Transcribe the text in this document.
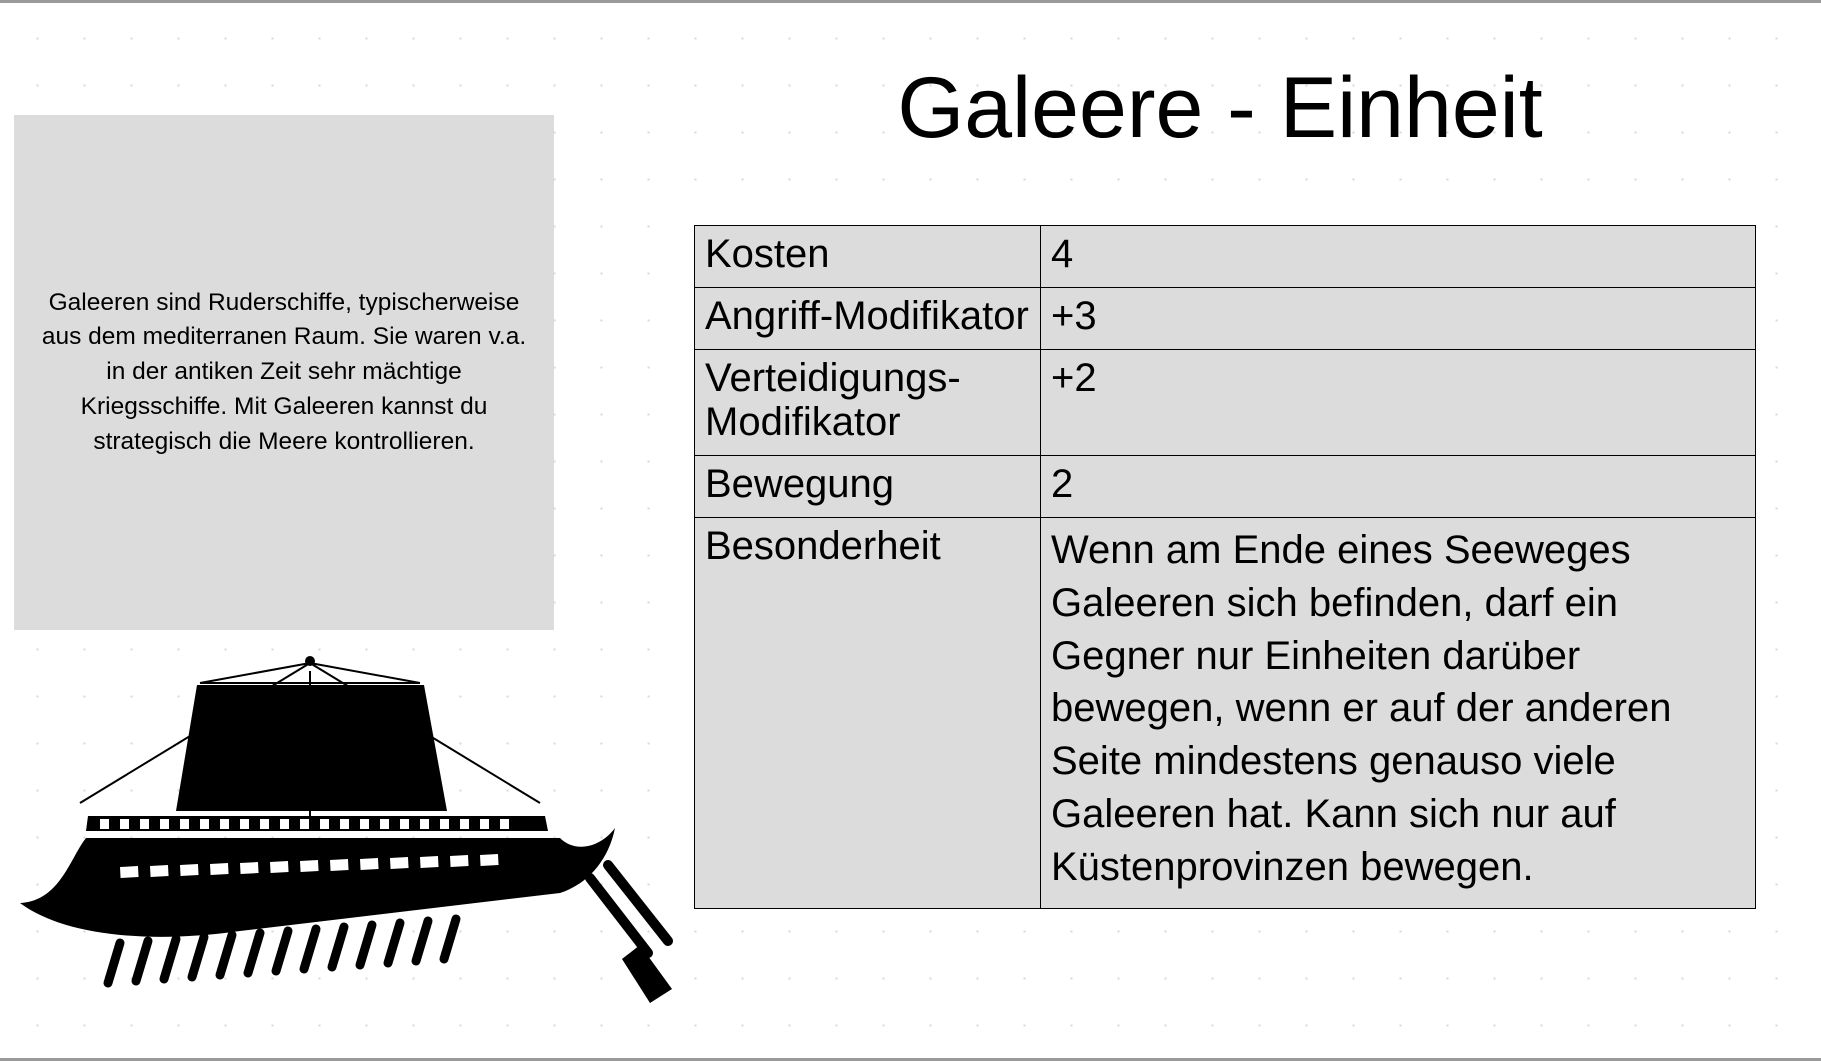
Galeeren sind Ruderschiffe, typischerweise aus dem mediterranen Raum. Sie waren v.a. in der antiken Zeit sehr mächtige Kriegsschiffe. Mit Galeeren kannst du strategisch die Meere kontrollieren.
Galeere - Einheit
Kosten	4
Angriff-Modifikator	+3
Verteidigungs-Modifikator	+2
Bewegung	2
Besonderheit	Wenn am Ende eines Seeweges Galeeren sich befinden, darf ein Gegner nur Einheiten darüber bewegen, wenn er auf der anderen Seite mindestens genauso viele Galeeren hat. Kann sich nur auf Küstenprovinzen bewegen.
